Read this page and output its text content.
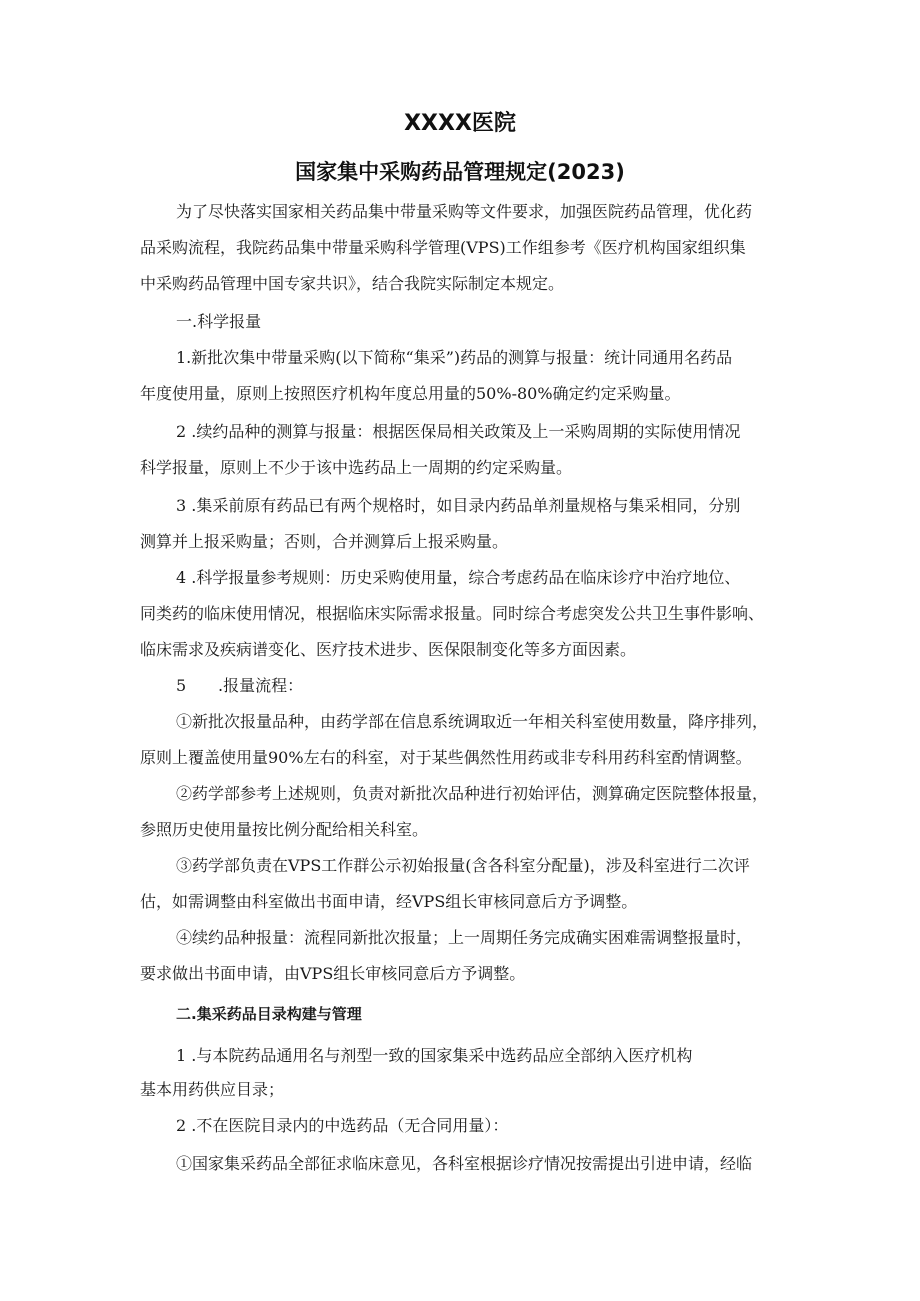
XXXX医院
国家集中采购药品管理规定(2023)

为了尽快落实国家相关药品集中带量采购等文件要求，加强医院药品管理，优化药

品采购流程，我院药品集中带量采购科学管理(VPS)工作组参考《医疗机构国家组织集

中采购药品管理中国专家共识》，结合我院实际制定本规定。

一.科学报量

1.新批次集中带量采购(以下简称“集采”)药品的测算与报量：统计同通用名药品

年度使用量，原则上按照医疗机构年度总用量的50%-80%确定约定采购量。

2 .续约品种的测算与报量：根据医保局相关政策及上一采购周期的实际使用情况

科学报量，原则上不少于该中选药品上一周期的约定采购量。

3 .集采前原有药品已有两个规格时，如目录内药品单剂量规格与集采相同，分别

测算并上报采购量；否则，合并测算后上报采购量。

4 .科学报量参考规则：历史采购使用量，综合考虑药品在临床诊疗中治疗地位、

同类药的临床使用情况，根据临床实际需求报量。同时综合考虑突发公共卫生事件影响、

临床需求及疾病谱变化、医疗技术进步、医保限制变化等多方面因素。

5 .报量流程：

①新批次报量品种，由药学部在信息系统调取近一年相关科室使用数量，降序排列，

原则上覆盖使用量90%左右的科室，对于某些偶然性用药或非专科用药科室酌情调整。

②药学部参考上述规则，负责对新批次品种进行初始评估，测算确定医院整体报量，

参照历史使用量按比例分配给相关科室。

③药学部负责在VPS工作群公示初始报量(含各科室分配量)，涉及科室进行二次评

估，如需调整由科室做出书面申请，经VPS组长审核同意后方予调整。

④续约品种报量：流程同新批次报量；上一周期任务完成确实困难需调整报量时，

要求做出书面申请，由VPS组长审核同意后方予调整。

二.集采药品目录构建与管理

1 .与本院药品通用名与剂型一致的国家集采中选药品应全部纳入医疗机构

基本用药供应目录；

2 .不在医院目录内的中选药品（无合同用量）：

①国家集采药品全部征求临床意见，各科室根据诊疗情况按需提出引进申请，经临
